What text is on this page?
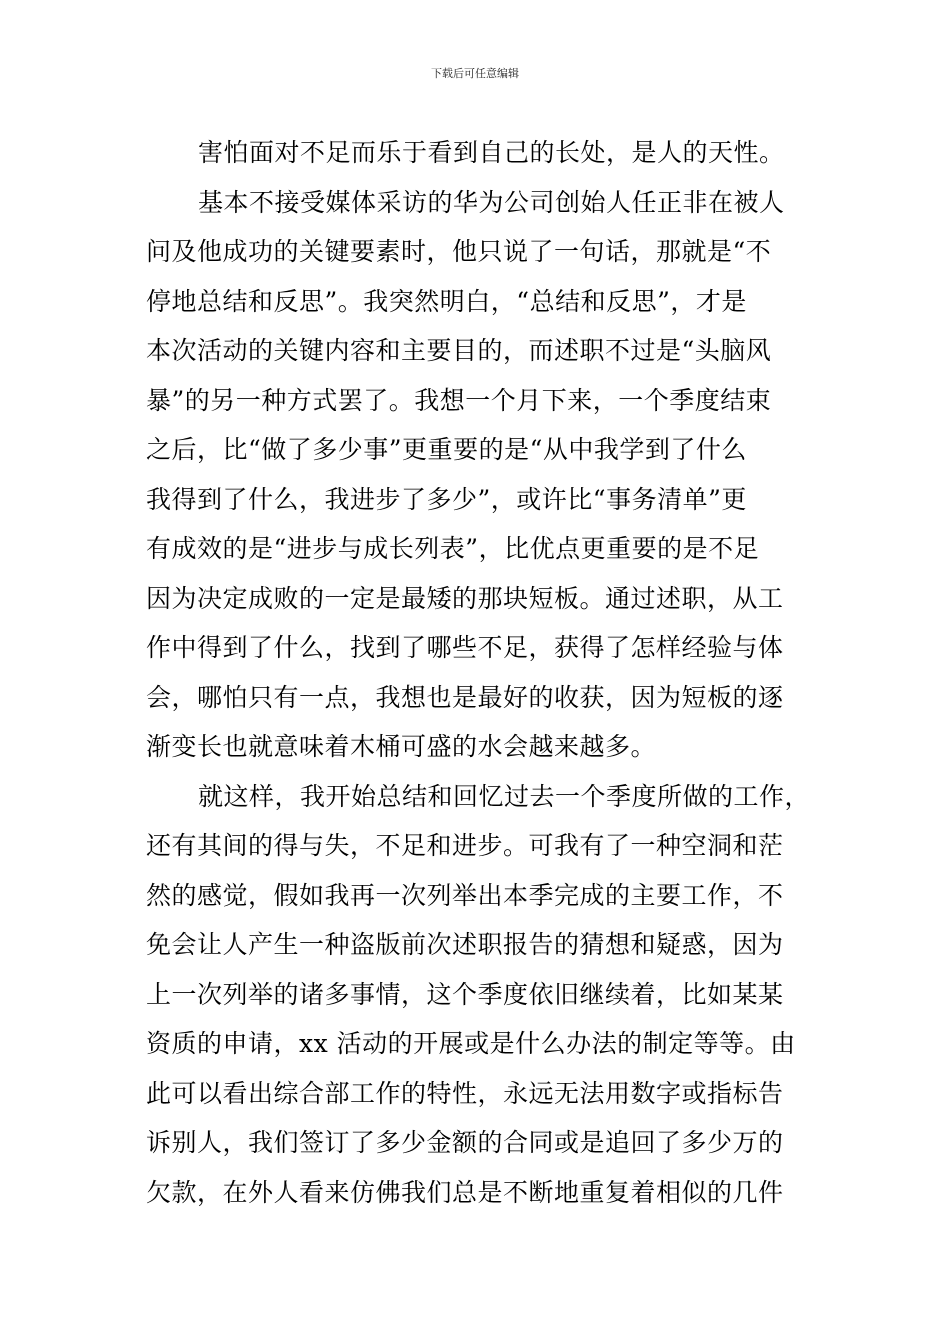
下载后可任意编辑
害怕面对不足而乐于看到自己的长处，是人的天性。
基本不接受媒体采访的华为公司创始人任正非在被人
问及他成功的关键要素时，他只说了一句话，那就是“不
停地总结和反思”。我突然明白，“总结和反思”，才是
本次活动的关键内容和主要目的，而述职不过是“头脑风
暴”的另一种方式罢了。我想一个月下来，一个季度结束
之后，比“做了多少事”更重要的是“从中我学到了什么
我得到了什么，我进步了多少”，或许比“事务清单”更
有成效的是“进步与成长列表”，比优点更重要的是不足
因为决定成败的一定是最矮的那块短板。通过述职，从工
作中得到了什么，找到了哪些不足，获得了怎样经验与体
会，哪怕只有一点，我想也是最好的收获，因为短板的逐
渐变长也就意味着木桶可盛的水会越来越多。
就这样，我开始总结和回忆过去一个季度所做的工作，
还有其间的得与失，不足和进步。可我有了一种空洞和茫
然的感觉，假如我再一次列举出本季完成的主要工作，不
免会让人产生一种盗版前次述职报告的猜想和疑惑，因为
上一次列举的诸多事情，这个季度依旧继续着，比如某某
资质的申请，xx 活动的开展或是什么办法的制定等等。由
此可以看出综合部工作的特性，永远无法用数字或指标告
诉别人，我们签订了多少金额的合同或是追回了多少万的
欠款，在外人看来仿佛我们总是不断地重复着相似的几件
